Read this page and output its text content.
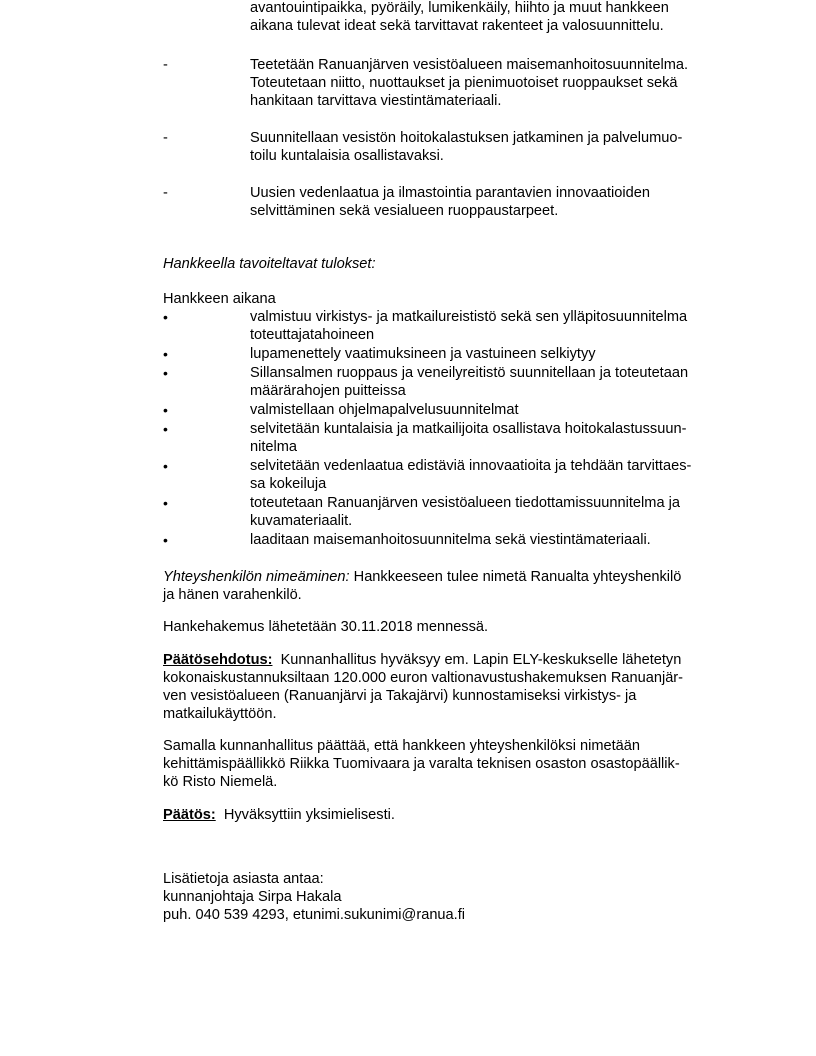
avantouintipaikka, pyöräily, lumikenkäily, hiihto ja muut hankkeen
aikana tulevat ideat sekä tarvittavat rakenteet ja valosuunnittelu.
-	Teetetään Ranuanjärven vesistöalueen maisemanhoitosuunnitelma.
Toteutetaan niitto, nuottaukset ja pienimuotoiset ruoppaukset sekä
hankitaan tarvittava viestintämateriaali.
-	Suunnitellaan vesistön hoitokalastuksen jatkaminen ja palvelumuo-
toilu kuntalaisia osallistavaksi.
-	Uusien vedenlaatua ja ilmastointia parantavien innovaatioiden
selvittäminen sekä vesialueen ruoppaustarpeet.
Hankkeella tavoiteltavat tulokset:
Hankkeen aikana
•	valmistuu virkistys- ja matkailureististö sekä sen ylläpitosuunnitelma
toteuttajatahoineen
•	lupamenettely vaatimuksineen ja vastuineen selkiytyy
•	Sillansalmen ruoppaus ja veneilyreitistö suunnitellaan ja toteutetaan
määrärahojen puitteissa
•	valmistellaan ohjelmapalvelusuunnitelmat
•	selvitetään kuntalaisia ja matkailijoita osallistava hoitokalastussuun-
nitelma
•	selvitetään vedenlaatua edistäviä innovaatioita ja tehdään tarvittaes-
sa kokeiluja
•	toteutetaan Ranuanjärven vesistöalueen tiedottamissuunnitelma ja
kuvamateriaalit.
•	laaditaan maisemanhoitosuunnitelma sekä viestintämateriaali.
Yhteyshenkilön nimeäminen: Hankkeeseen tulee nimetä Ranualta yhteyshenkilö
ja hänen varahenkilö.
Hankehakemus lähetetään 30.11.2018 mennessä.
Päätösehdotus:  Kunnanhallitus hyväksyy em. Lapin ELY-keskukselle lähetetyn
kokonaiskustannuksiltaan 120.000 euron valtionavustushakemuksen Ranuanjär-
ven vesistöalueen (Ranuanjärvi ja Takajärvi) kunnostamiseksi virkistys- ja
matkailukäyttöön.
Samalla kunnanhallitus päättää, että hankkeen yhteyshenkilöksi nimetään
kehittämispäällikkö Riikka Tuomivaara ja varalta teknisen osaston osastopäällik-
kö Risto Niemelä.
Päätös:  Hyväksyttiin yksimielisesti.
Lisätietoja asiasta antaa:
kunnanjohtaja Sirpa Hakala
puh. 040 539 4293, etunimi.sukunimi@ranua.fi
